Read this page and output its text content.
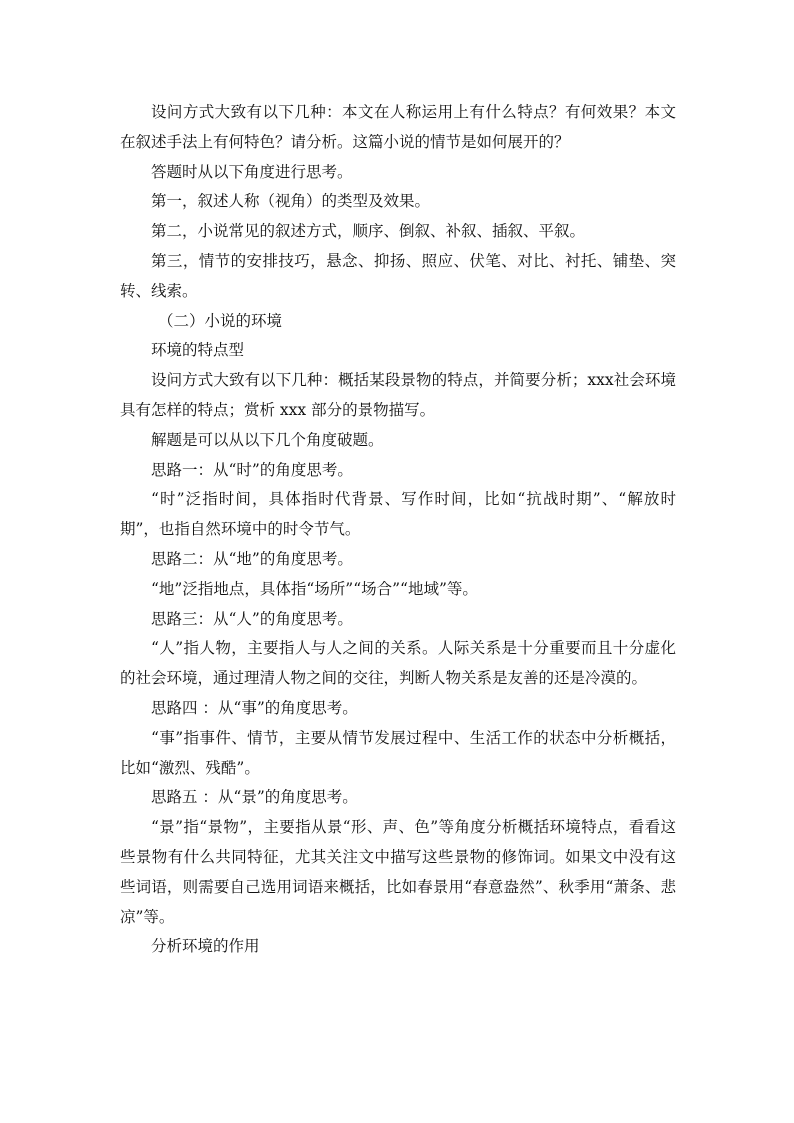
设问方式大致有以下几种：本文在人称运用上有什么特点？有何效果？本文在叙述手法上有何特色？请分析。这篇小说的情节是如何展开的？

答题时从以下角度进行思考。

第一，叙述人称（视角）的类型及效果。

第二，小说常见的叙述方式，顺序、倒叙、补叙、插叙、平叙。

第三，情节的安排技巧，悬念、抑扬、照应、伏笔、对比、衬托、铺垫、突转、线索。

（二）小说的环境

环境的特点型

设问方式大致有以下几种：概括某段景物的特点，并简要分析；xxx社会环境具有怎样的特点；赏析 xxx 部分的景物描写。

解题是可以从以下几个角度破题。

思路一：从“时”的角度思考。

“时”泛指时间，具体指时代背景、写作时间，比如“抗战时期”、“解放时期”，也指自然环境中的时令节气。

思路二：从“地”的角度思考。

“地”泛指地点，具体指“场所”“场合”“地域”等。

思路三：从“人”的角度思考。

“人”指人物，主要指人与人之间的关系。人际关系是十分重要而且十分虚化的社会环境，通过理清人物之间的交往，判断人物关系是友善的还是冷漠的。

思路四 ：从“事”的角度思考。

“事”指事件、情节，主要从情节发展过程中、生活工作的状态中分析概括，比如“激烈、残酷”。

思路五 ：从“景”的角度思考。

“景”指“景物”，主要指从景“形、声、色”等角度分析概括环境特点，看看这些景物有什么共同特征，尤其关注文中描写这些景物的修饰词。如果文中没有这些词语，则需要自己选用词语来概括，比如春景用“春意盎然”、秋季用“萧条、悲凉”等。

分析环境的作用
